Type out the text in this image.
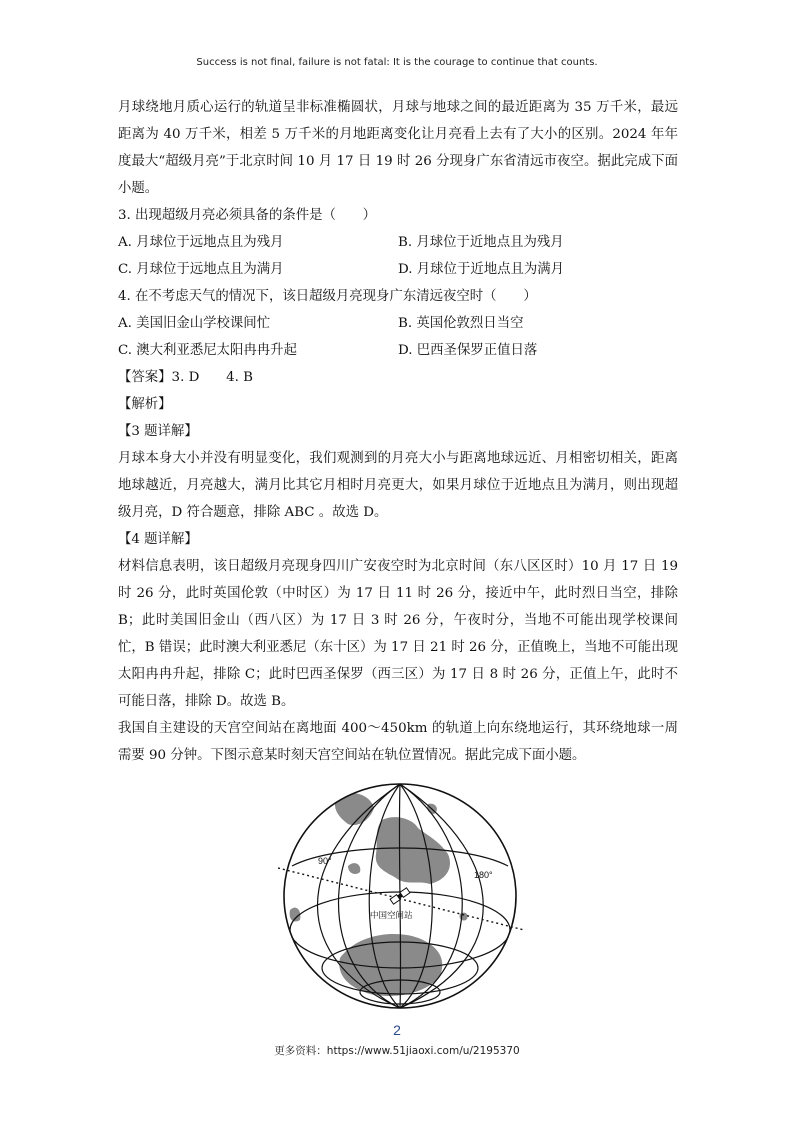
Success is not final, failure is not fatal: It is the courage to continue that counts.

月球绕地月质心运行的轨道呈非标准椭圆状，月球与地球之间的最近距离为 35 万千米，最远距离为 40 万千米，相差 5 万千米的月地距离变化让月亮看上去有了大小的区别。2024 年年度最大“超级月亮”于北京时间 10 月 17 日 19 时 26 分现身广东省清远市夜空。据此完成下面小题。

3. 出现超级月亮必须具备的条件是（　　）

A. 月球位于远地点且为残月	B. 月球位于近地点且为残月
C. 月球位于远地点且为满月	D. 月球位于近地点且为满月

4. 在不考虑天气的情况下，该日超级月亮现身广东清远夜空时（　　）

A. 美国旧金山学校课间忙	B. 英国伦敦烈日当空
C. 澳大利亚悉尼太阳冉冉升起	D. 巴西圣保罗正值日落

【答案】3. D　　4. B

【解析】

【3 题详解】

月球本身大小并没有明显变化，我们观测到的月亮大小与距离地球远近、月相密切相关，距离地球越近，月亮越大，满月比其它月相时月亮更大，如果月球位于近地点且为满月，则出现超级月亮，D 符合题意，排除 ABC 。故选 D。

【4 题详解】

材料信息表明，该日超级月亮现身四川广安夜空时为北京时间（东八区区时）10 月 17 日 19 时 26 分，此时英国伦敦（中时区）为 17 日 11 时 26 分，接近中午，此时烈日当空，排除 B；此时美国旧金山（西八区）为 17 日 3 时 26 分，午夜时分，当地不可能出现学校课间忙，B 错误；此时澳大利亚悉尼（东十区）为 17 日 21 时 26 分，正值晚上，当地不可能出现太阳冉冉升起，排除 C；此时巴西圣保罗（西三区）为 17 日 8 时 26 分，正值上午，此时不可能日落，排除 D。故选 B。

我国自主建设的天宫空间站在离地面 400～450km 的轨道上向东绕地运行，其环绕地球一周需要 90 分钟。下图示意某时刻天宫空间站在轨位置情况。据此完成下面小题。

90°
180°
中国空间站
2
更多资料：https://www.51jiaoxi.com/u/2195370
